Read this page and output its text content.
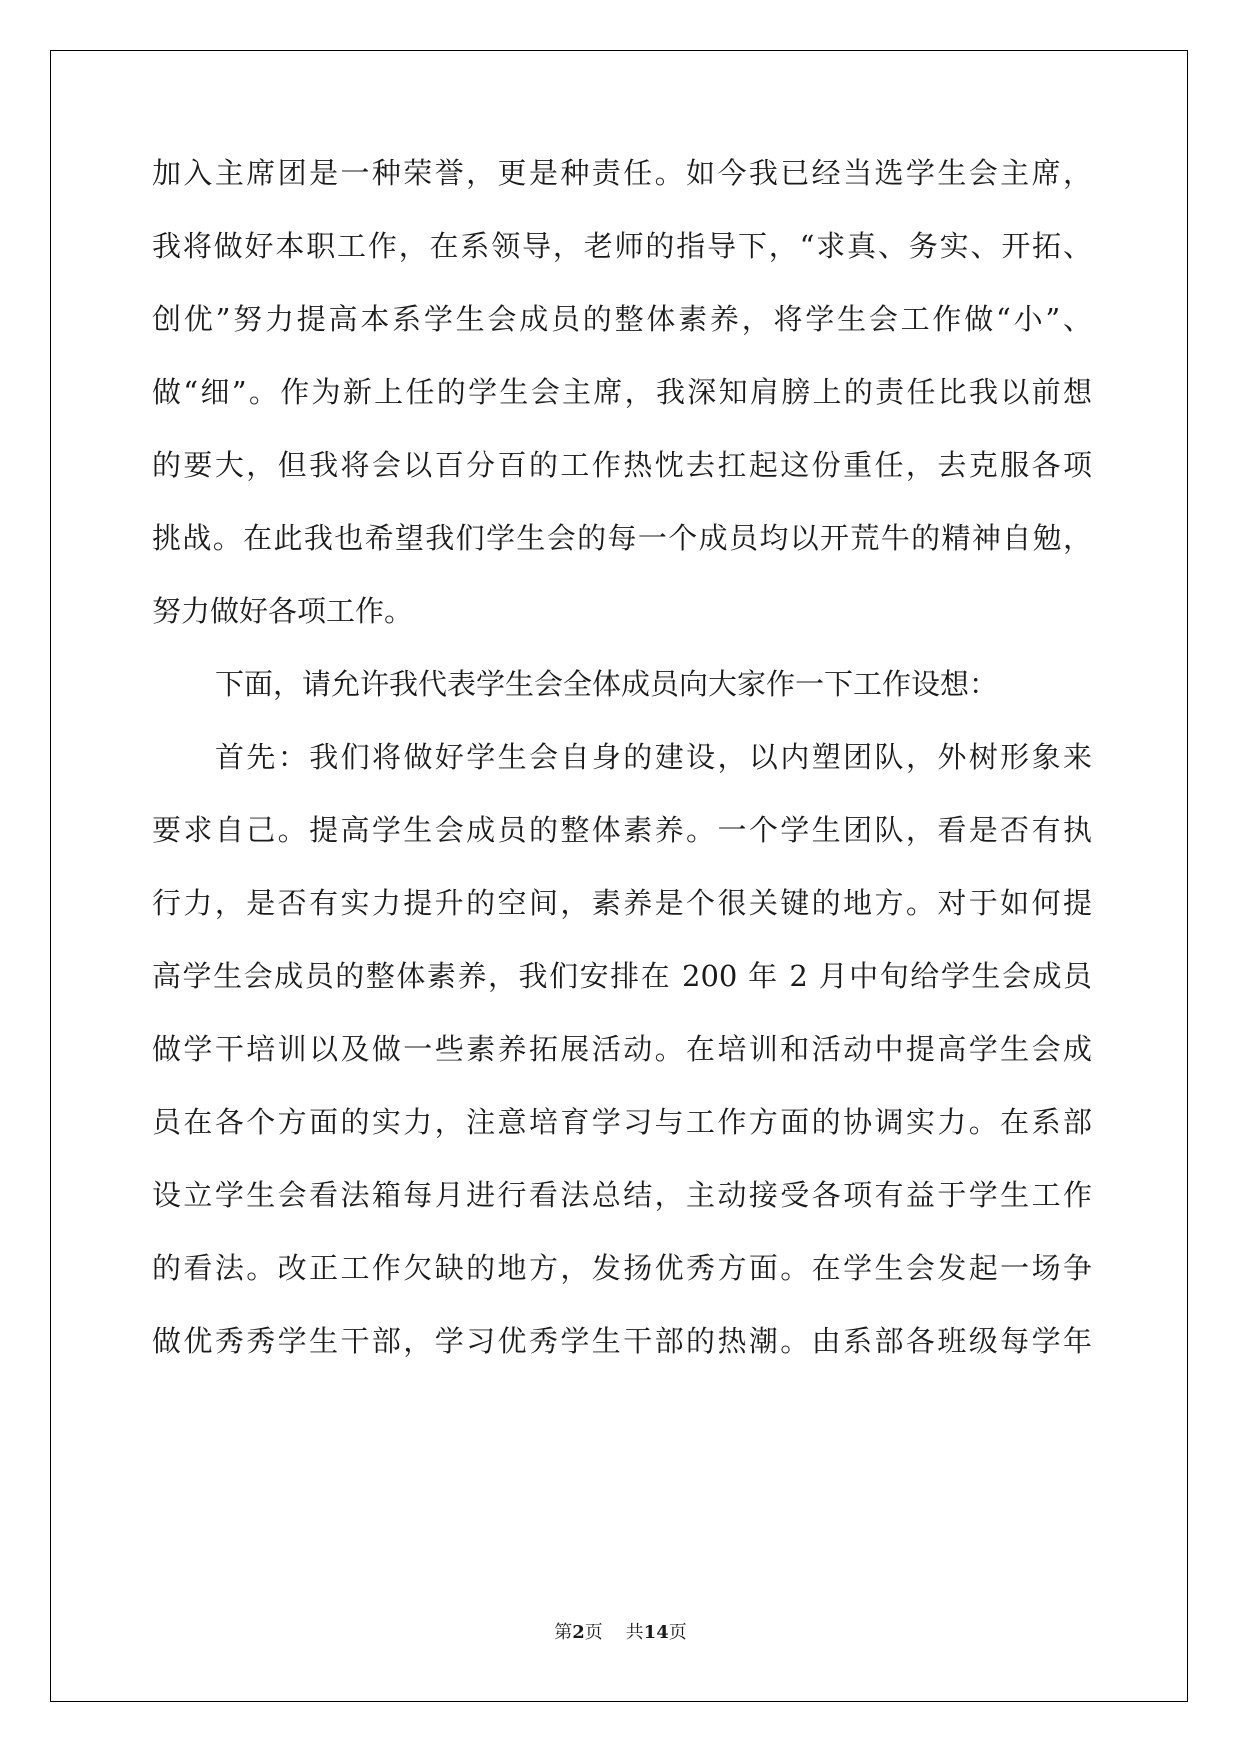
加入主席团是一种荣誉，更是种责任。如今我已经当选学生会主席，
我将做好本职工作，在系领导，老师的指导下，“求真、务实、开拓、
创优”努力提高本系学生会成员的整体素养，将学生会工作做“小”、
做“细”。作为新上任的学生会主席，我深知肩膀上的责任比我以前想
的要大，但我将会以百分百的工作热忱去扛起这份重任，去克服各项
挑战。在此我也希望我们学生会的每一个成员均以开荒牛的精神自勉，
努力做好各项工作。
下面，请允许我代表学生会全体成员向大家作一下工作设想：
首先：我们将做好学生会自身的建设，以内塑团队，外树形象来
要求自己。提高学生会成员的整体素养。一个学生团队，看是否有执
行力，是否有实力提升的空间，素养是个很关键的地方。对于如何提
高学生会成员的整体素养，我们安排在 200 年 2 月中旬给学生会成员
做学干培训以及做一些素养拓展活动。在培训和活动中提高学生会成
员在各个方面的实力，注意培育学习与工作方面的协调实力。在系部
设立学生会看法箱每月进行看法总结，主动接受各项有益于学生工作
的看法。改正工作欠缺的地方，发扬优秀方面。在学生会发起一场争
做优秀秀学生干部，学习优秀学生干部的热潮。由系部各班级每学年
第2页 共14页
